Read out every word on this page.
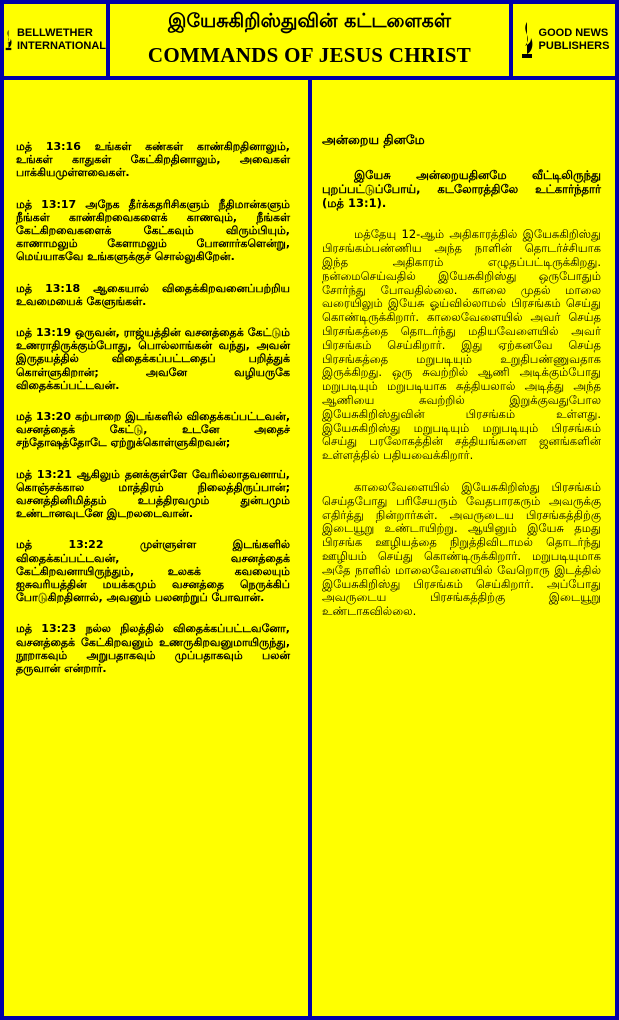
BELLWETHER
INTERNATIONAL
இயேசுகிறிஸ்துவின் கட்டளைகள்
COMMANDS OF JESUS CHRIST
GOOD NEWS
PUBLISHERS

மத் 13:16 உங்கள் கண்கள் காண்கிறதினாலும், உங்கள் காதுகள் கேட்கிறதினாலும், அவைகள் பாக்கியமுள்ளவைகள்.

மத் 13:17 அநேக தீர்க்கதரிசிகளும் நீதிமான்களும் நீங்கள் காண்கிறவைகளைக் காணவும், நீங்கள் கேட்கிறவைகளைக் கேட்கவும் விரும்பியும், காணாமலும் கேளாமலும் போனார்களென்று, மெய்யாகவே உங்களுக்குச் சொல்லுகிறேன்.

மத் 13:18 ஆகையால் விதைக்கிறவனைப்பற்றிய உவமையைக் கேளுங்கள்.

மத் 13:19 ஒருவன், ராஜ்யத்தின் வசனத்தைக் கேட்டும் உணராதிருக்கும்போது, பொல்லாங்கன் வந்து, அவன் இருதயத்தில் விதைக்கப்பட்டதைப் பறித்துக் கொள்ளுகிறான்; அவனே வழியருகே விதைக்கப்பட்டவன்.

மத் 13:20 கற்பாறை இடங்களில் விதைக்கப்பட்டவன், வசனத்தைக் கேட்டு, உடனே அதைச் சந்தோஷத்தோடே ஏற்றுக்கொள்ளுகிறவன்;

மத் 13:21 ஆகிலும் தனக்குள்ளே வேரில்லாதவனாய், கொஞ்சக்கால மாத்திரம் நிலைத்திருப்பான்; வசனத்தினிமித்தம் உபத்திரவமும் துன்பமும் உண்டானவுடனே இடறலடைவான்.

மத் 13:22	முள்ளுள்ள இடங்களில் விதைக்கப்பட்டவன், வசனத்தைக் கேட்கிறவனாயிருந்தும், உலகக் கவலையும் ஐசுவரியத்தின் மயக்கமும் வசனத்தை நெருக்கிப் போடுகிறதினால், அவனும் பலனற்றுப் போவான்.

மத் 13:23 நல்ல நிலத்தில் விதைக்கப்பட்டவனோ, வசனத்தைக் கேட்கிறவனும் உணருகிறவனுமாயிருந்து, நூறாகவும் அறுபதாகவும் முப்பதாகவும் பலன் தருவான் என்றார்.

அன்றைய தினமே

இயேசு அன்றையதினமே வீட்டிலிருந்து புறப்பட்டுப்போய், கடலோரத்திலே உட்கார்ந்தார் (மத் 13:1).

மத்தேயு 12-ஆம் அதிகாரத்தில் இயேசுகிறிஸ்து பிரசங்கம்பண்ணிய அந்த நாளின் தொடர்ச்சியாக இந்த அதிகாரம் எழுதப்பட்டிருக்கிறது. நன்மைசெய்வதில் இயேசுகிறிஸ்து ஒருபோதும் சோர்ந்து போவதில்லை. காலை முதல் மாலை வரையிலும் இயேசு ஓய்வில்லாமல் பிரசங்கம் செய்து கொண்டிருக்கிறார். காலைவேளையில் அவர் செய்த பிரசங்கத்தை தொடர்ந்து மதியவேளையில் அவர் பிரசங்கம் செய்கிறார். இது ஏற்கனவே செய்த பிரசங்கத்தை மறுபடியும் உறுதிபண்ணுவதாக இருக்கிறது. ஒரு சுவற்றில் ஆணி அடிக்கும்போது மறுபடியும் மறுபடியாக சுத்தியலால் அடித்து அந்த ஆணியை சுவற்றில் இறுக்குவதுபோல இயேசுகிறிஸ்துவின் பிரசங்கம் உள்ளது. இயேசுகிறிஸ்து மறுபடியும் மறுபடியும் பிரசங்கம் செய்து பரலோகத்தின் சத்தியங்களை ஜனங்களின் உள்ளத்தில் பதியவைக்கிறார்.

காலைவேளையில் இயேசுகிறிஸ்து பிரசங்கம் செய்தபோது பரிசேயரும் வேதபாரகரும் அவருக்கு எதிர்த்து நின்றார்கள். அவருடைய பிரசங்கத்திற்கு இடையூறு உண்டாயிற்று. ஆயினும் இயேசு தமது பிரசங்க ஊழியத்தை நிறுத்திவிடாமல் தொடர்ந்து ஊழியம் செய்து கொண்டிருக்கிறார். மறுபடியுமாக அதே நாளில் மாலைவேளையில் வேறொரு இடத்தில் இயேசுகிறிஸ்து பிரசங்கம் செய்கிறார். அப்போது அவருடைய பிரசங்கத்திற்கு இடையூறு உண்டாகவில்லை.
